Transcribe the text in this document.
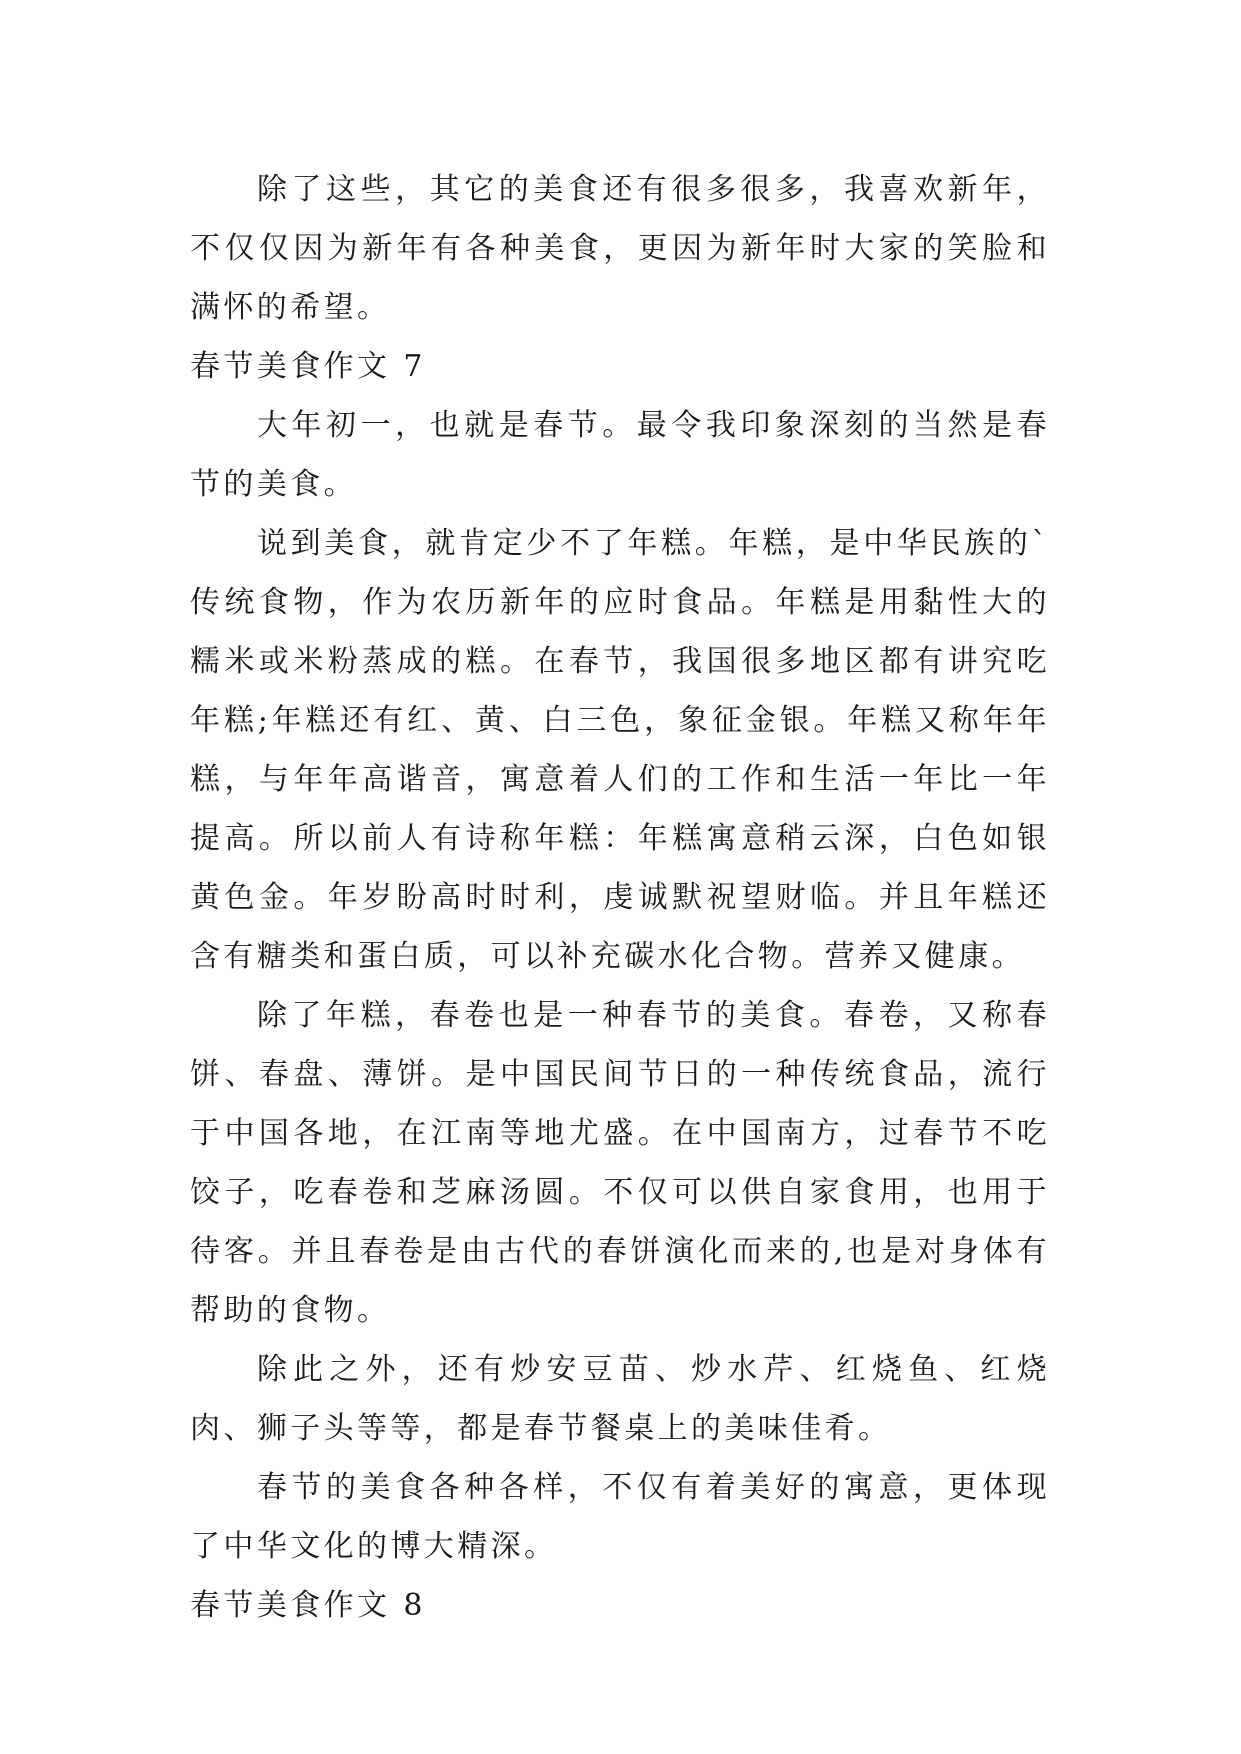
除了这些，其它的美食还有很多很多，我喜欢新年，不仅仅因为新年有各种美食，更因为新年时大家的笑脸和满怀的希望。

春节美食作文 7

大年初一，也就是春节。最令我印象深刻的当然是春节的美食。

说到美食，就肯定少不了年糕。年糕，是中华民族的`传统食物，作为农历新年的应时食品。年糕是用黏性大的糯米或米粉蒸成的糕。在春节，我国很多地区都有讲究吃年糕;年糕还有红、黄、白三色，象征金银。年糕又称年年糕，与年年高谐音，寓意着人们的工作和生活一年比一年提高。所以前人有诗称年糕：年糕寓意稍云深，白色如银黄色金。年岁盼高时时利，虔诚默祝望财临。并且年糕还含有糖类和蛋白质，可以补充碳水化合物。营养又健康。

除了年糕，春卷也是一种春节的美食。春卷，又称春饼、春盘、薄饼。是中国民间节日的一种传统食品，流行于中国各地，在江南等地尤盛。在中国南方，过春节不吃饺子，吃春卷和芝麻汤圆。不仅可以供自家食用，也用于待客。并且春卷是由古代的春饼演化而来的,也是对身体有帮助的食物。

除此之外，还有炒安豆苗、炒水芹、红烧鱼、红烧肉、狮子头等等，都是春节餐桌上的美味佳肴。

春节的美食各种各样，不仅有着美好的寓意，更体现了中华文化的博大精深。

春节美食作文 8
